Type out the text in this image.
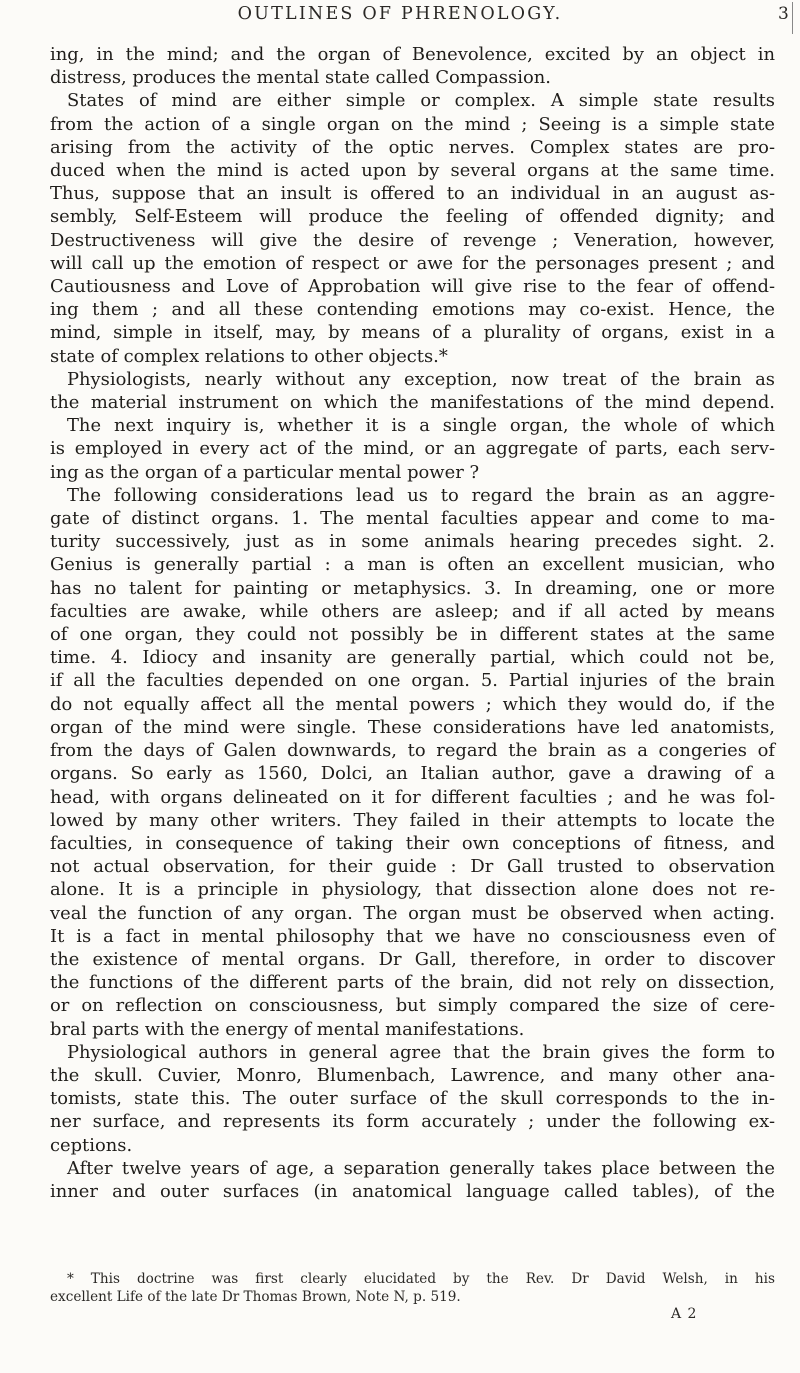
OUTLINES OF PHRENOLOGY.	3
ing, in the mind; and the organ of Benevolence, excited by an object in
distress, produces the mental state called Compassion.
States of mind are either simple or complex. A simple state results
from the action of a single organ on the mind ; Seeing is a simple state
arising from the activity of the optic nerves. Complex states are pro-
duced when the mind is acted upon by several organs at the same time.
Thus, suppose that an insult is offered to an individual in an august as-
sembly, Self-Esteem will produce the feeling of offended dignity; and
Destructiveness will give the desire of revenge ; Veneration, however,
will call up the emotion of respect or awe for the personages present ; and
Cautiousness and Love of Approbation will give rise to the fear of offend-
ing them ; and all these contending emotions may co-exist. Hence, the
mind, simple in itself, may, by means of a plurality of organs, exist in a
state of complex relations to other objects.*
Physiologists, nearly without any exception, now treat of the brain as
the material instrument on which the manifestations of the mind depend.
The next inquiry is, whether it is a single organ, the whole of which
is employed in every act of the mind, or an aggregate of parts, each serv-
ing as the organ of a particular mental power ?
The following considerations lead us to regard the brain as an aggre-
gate of distinct organs. 1. The mental faculties appear and come to ma-
turity successively, just as in some animals hearing precedes sight. 2.
Genius is generally partial : a man is often an excellent musician, who
has no talent for painting or metaphysics. 3. In dreaming, one or more
faculties are awake, while others are asleep; and if all acted by means
of one organ, they could not possibly be in different states at the same
time. 4. Idiocy and insanity are generally partial, which could not be,
if all the faculties depended on one organ. 5. Partial injuries of the brain
do not equally affect all the mental powers ; which they would do, if the
organ of the mind were single. These considerations have led anatomists,
from the days of Galen downwards, to regard the brain as a congeries of
organs. So early as 1560, Dolci, an Italian author, gave a drawing of a
head, with organs delineated on it for different faculties ; and he was fol-
lowed by many other writers. They failed in their attempts to locate the
faculties, in consequence of taking their own conceptions of fitness, and
not actual observation, for their guide : Dr Gall trusted to observation
alone. It is a principle in physiology, that dissection alone does not re-
veal the function of any organ. The organ must be observed when acting.
It is a fact in mental philosophy that we have no consciousness even of
the existence of mental organs. Dr Gall, therefore, in order to discover
the functions of the different parts of the brain, did not rely on dissection,
or on reflection on consciousness, but simply compared the size of cere-
bral parts with the energy of mental manifestations.
Physiological authors in general agree that the brain gives the form to
the skull. Cuvier, Monro, Blumenbach, Lawrence, and many other ana-
tomists, state this. The outer surface of the skull corresponds to the in-
ner surface, and represents its form accurately ; under the following ex-
ceptions.
After twelve years of age, a separation generally takes place between the
inner and outer surfaces (in anatomical language called tables), of the
* This doctrine was first clearly elucidated by the Rev. Dr David Welsh, in his
excellent Life of the late Dr Thomas Brown, Note N, p. 519.
A 2
